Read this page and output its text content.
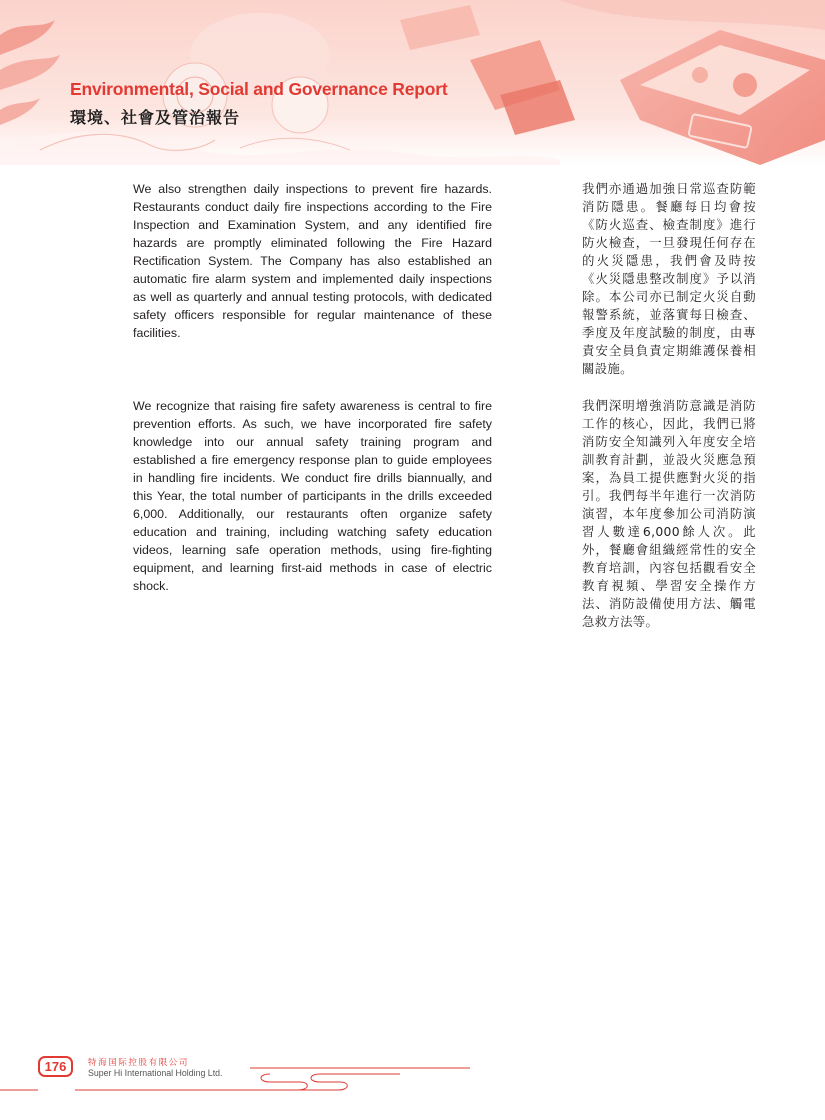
Environmental, Social and Governance Report
環境、社會及管治報告
We also strengthen daily inspections to prevent fire hazards. Restaurants conduct daily fire inspections according to the Fire Inspection and Examination System, and any identified fire hazards are promptly eliminated following the Fire Hazard Rectification System. The Company has also established an automatic fire alarm system and implemented daily inspections as well as quarterly and annual testing protocols, with dedicated safety officers responsible for regular maintenance of these facilities.
我們亦通過加強日常巡查防範消防隱患。餐廳每日均會按《防火巡查、檢查制度》進行防火檢查，一旦發現任何存在的火災隱患，我們會及時按《火災隱患整改制度》予以消除。本公司亦已制定火災自動報警系統，並落實每日檢查、季度及年度試驗的制度，由專責安全員負責定期維護保養相關設施。
We recognize that raising fire safety awareness is central to fire prevention efforts. As such, we have incorporated fire safety knowledge into our annual safety training program and established a fire emergency response plan to guide employees in handling fire incidents. We conduct fire drills biannually, and this Year, the total number of participants in the drills exceeded 6,000. Additionally, our restaurants often organize safety education and training, including watching safety education videos, learning safe operation methods, using fire-fighting equipment, and learning first-aid methods in case of electric shock.
我們深明增強消防意識是消防工作的核心，因此，我們已將消防安全知識列入年度安全培訓教育計劃，並設火災應急預案，為員工提供應對火災的指引。我們每半年進行一次消防演習，本年度參加公司消防演習人數達6,000餘人次。此外，餐廳會組織經常性的安全教育培訓，內容包括觀看安全教育視頻、學習安全操作方法、消防設備使用方法、觸電急救方法等。
176	特海国际控股有限公司
Super Hi International Holding Ltd.
